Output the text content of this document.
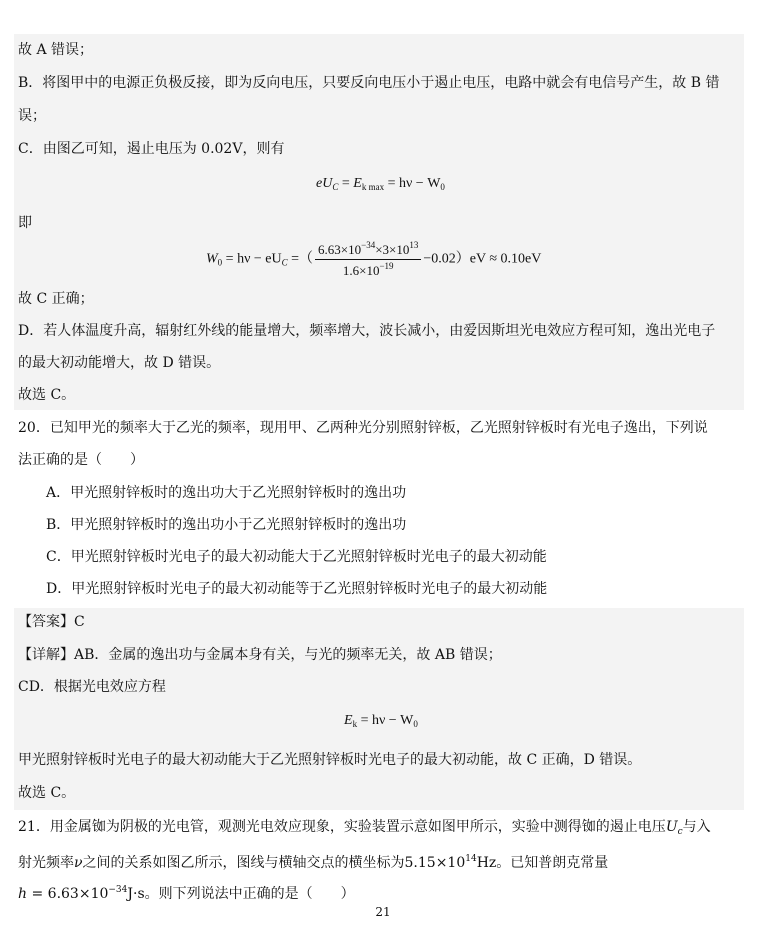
故 A 错误；
B．将图甲中的电源正负极反接，即为反向电压，只要反向电压小于遏止电压，电路中就会有电信号产生，故 B 错
误；
C．由图乙可知，遏止电压为 0.02V，则有
$eU_C = E_{k max} = h\nu - W_0$
即
$W_0 = h\nu - eU_C$ =（ $\frac{6.63\times 10^{-34}\times 3\times 10^{13}}{1.6\times 10^{-19}} -0.02)eV \approx 0.10eV$
故 C 正确；
D．若人体温度升高，辐射红外线的能量增大，频率增大，波长减小，由爱因斯坦光电效应方程可知，逸出光电子
的最大初动能增大，故 D 错误。
故选 C。
20．已知甲光的频率大于乙光的频率，现用甲、乙两种光分别照射锌板，乙光照射锌板时有光电子逸出，下列说
法正确的是（　　）
A．甲光照射锌板时的逸出功大于乙光照射锌板时的逸出功
B．甲光照射锌板时的逸出功小于乙光照射锌板时的逸出功
C．甲光照射锌板时光电子的最大初动能大于乙光照射锌板时光电子的最大初动能
D．甲光照射锌板时光电子的最大初动能等于乙光照射锌板时光电子的最大初动能
【答案】C
【详解】AB．金属的逸出功与金属本身有关，与光的频率无关，故 AB 错误；
CD．根据光电效应方程
$E_k = h\nu - W_0$
甲光照射锌板时光电子的最大初动能大于乙光照射锌板时光电子的最大初动能，故 C 正确，D 错误。
故选 C。
21．用金属铷为阴极的光电管，观测光电效应现象，实验装置示意如图甲所示，实验中测得铷的遏止电压$U_c$与入
射光频率ν之间的关系如图乙所示，图线与横轴交点的横坐标为$5.15\times 10^{14}Hz$。已知普朗克常量
$h = 6.63\times 10^{-34}J\cdot s$。则下列说法中正确的是（　　）
21
